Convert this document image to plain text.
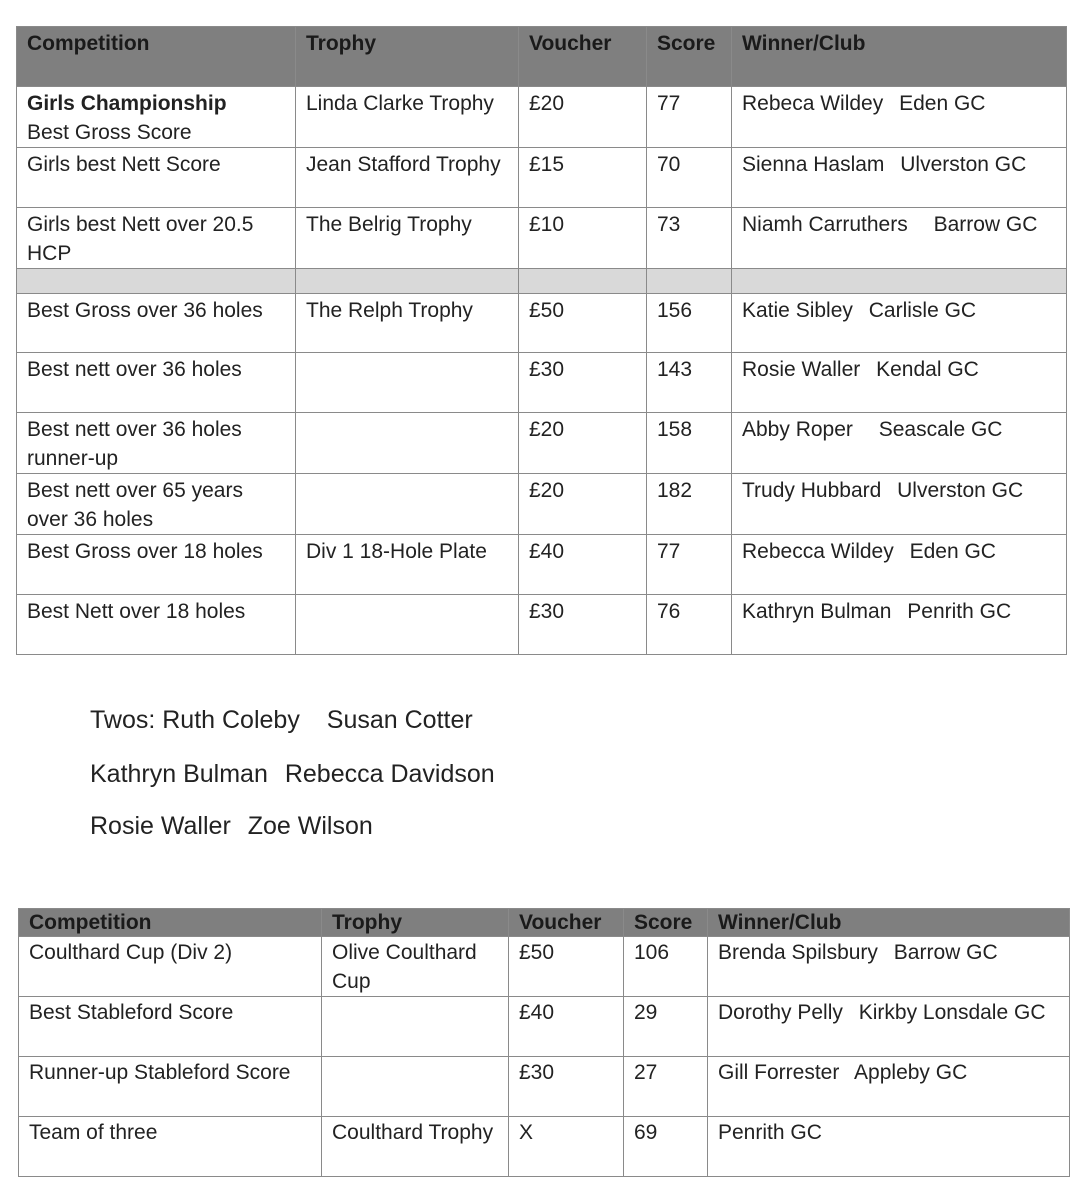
Competition	Trophy	Voucher	Score	Winner/Club

Girls Championship
Best Gross Score	Linda Clarke Trophy	£20	77	Rebeca Wildey Eden GC
Girls best Nett Score	Jean Stafford Trophy	£15	70	Sienna Haslam Ulverston GC
Girls best Nett over 20.5 HCP	The Belrig Trophy	£10	73	Niamh Carruthers Barrow GC

Best Gross over 36 holes	The Relph Trophy	£50	156	Katie Sibley Carlisle GC
Best nett over 36 holes		£30	143	Rosie Waller Kendal GC
Best nett over 36 holes runner-up		£20	158	Abby Roper Seascale GC
Best nett over 65 years over 36 holes		£20	182	Trudy Hubbard Ulverston GC
Best Gross over 18 holes	Div 1 18-Hole Plate	£40	77	Rebecca Wildey Eden GC
Best Nett over 18 holes		£30	76	Kathryn Bulman Penrith GC
Twos: Ruth Coleby Susan Cotter
Kathryn Bulman Rebecca Davidson
Rosie Waller Zoe Wilson
Competition	Trophy	Voucher	Score	Winner/Club
Coulthard Cup (Div 2)	Olive Coulthard Cup	£50	106	Brenda Spilsbury Barrow GC
Best Stableford Score		£40	29	Dorothy Pelly Kirkby Lonsdale GC
Runner-up Stableford Score		£30	27	Gill Forrester Appleby GC
Team of three	Coulthard Trophy	X	69	Penrith GC
